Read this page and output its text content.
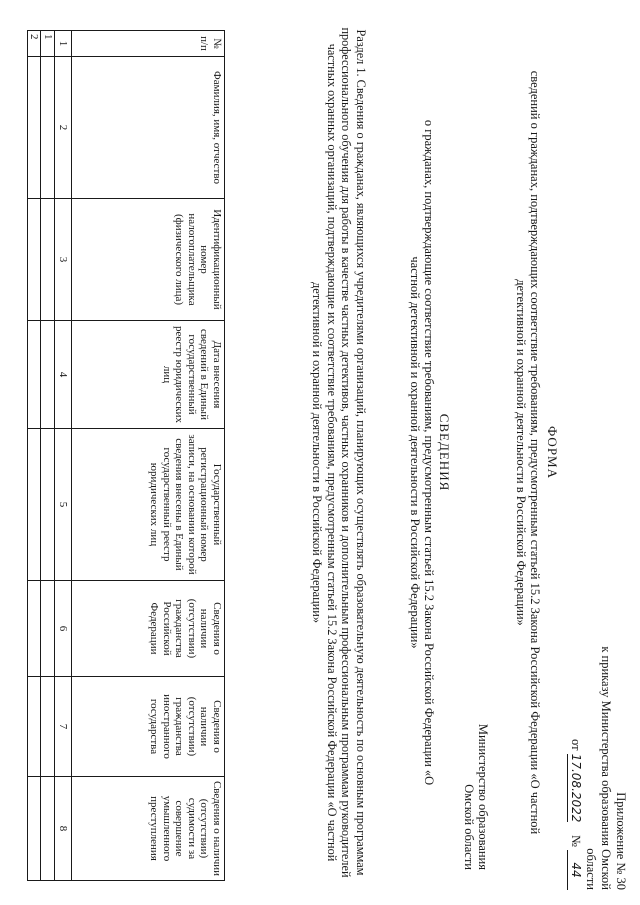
Приложение № 30
к приказу Министерства образования Омской области
от 17.08.2022    № 44
ФОРМА
сведений о гражданах, подтверждающих соответствие требованиям, предусмотренным статьей 15.2 Закона Российской Федерации «О частной детективной и охранной деятельности в Российской Федерации»
Министерство образования
Омской области
СВЕДЕНИЯ
о гражданах, подтверждающие соответствие требованиям, предусмотренным статьей 15.2 Закона Российской Федерации «О частной детективной и охранной деятельности в Российской Федерации»
Раздел 1. Сведения о гражданах, являющихся учредителями организаций, планирующих осуществлять образовательную деятельность по основным программам профессионального обучения для работы в качестве частных детективов, частных охранников и дополнительным профессиональным программам руководителей частных охранных организаций, подтверждающие их соответствие требованиям, предусмотренным статьей 15.2 Закона Российской Федерации «О частной детективной и охранной деятельности в Российской Федерации»
№ п/п	Фамилия, имя, отчество	Идентификационный номер налогоплательщика (физического лица)	Дата внесения сведений в Единый государственный реестр юридических лиц	Государственный регистрационный номер записи, на основании которой сведения внесены в Единый государственный реестр юридических лиц	Сведения о наличии (отсутствии) гражданства Российской Федерации	Сведения о наличии (отсутствии) гражданства иностранного государства	Сведения о наличии (отсутствии) судимости за совершение умышленного преступления
1	2	3	4	5	6	7	8
1							
2							
